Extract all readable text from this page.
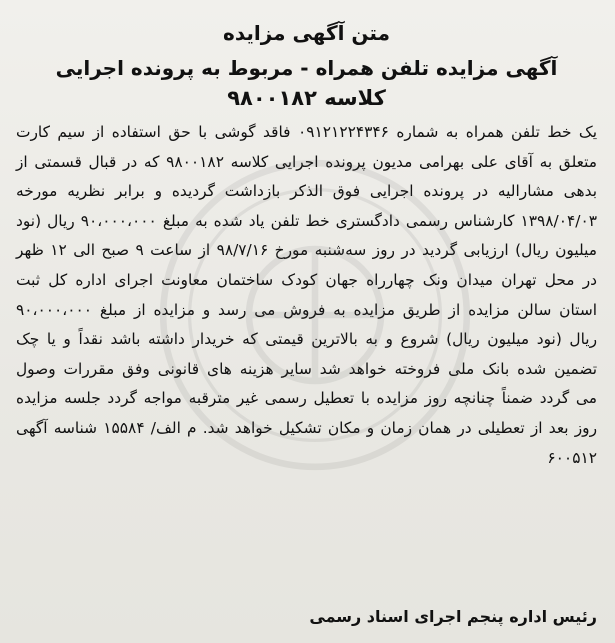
متن آگهی مزایده
آگهی مزایده تلفن همراه - مربوط به پرونده اجرایی
کلاسه ۹۸۰۰۱۸۲

یک خط تلفن همراه به شماره ۰۹۱۲۱۲۲۴۳۴۶ فاقد گوشی با حق استفاده از سیم کارت متعلق به آقای علی بهرامی مدیون پرونده اجرایی کلاسه ۹۸۰۰۱۸۲ که در قبال قسمتی از بدهی مشارالیه در پرونده اجرایی فوق الذکر بازداشت گردیده و برابر نظریه مورخه ۱۳۹۸/۰۴/۰۳ کارشناس رسمی دادگستری خط تلفن یاد شده به مبلغ ۹۰،۰۰۰،۰۰۰ ریال (نود میلیون ریال) ارزیابی گردید در روز سه‌شنبه مورخ ۹۸/۷/۱۶ از ساعت ۹ صبح الی ۱۲ ظهر در محل تهران میدان ونک چهارراه جهان کودک ساختمان معاونت اجرای اداره کل ثبت استان سالن مزایده از طریق مزایده به فروش می رسد و مزایده از مبلغ ۹۰،۰۰۰،۰۰۰ ریال (نود میلیون ریال) شروع و به بالاترین قیمتی که خریدار داشته باشد نقداً و یا چک تضمین شده بانک ملی فروخته خواهد شد سایر هزینه های قانونی وفق مقررات وصول می گردد ضمناً چنانچه روز مزایده با تعطیل رسمی غیر مترقبه مواجه گردد جلسه مزایده روز بعد از تعطیلی در همان زمان و مکان تشکیل خواهد شد. م الف/ ۱۵۵۸۴ شناسه آگهی ۶۰۰۵۱۲

رئیس اداره پنجم اجرای اسناد رسمی
